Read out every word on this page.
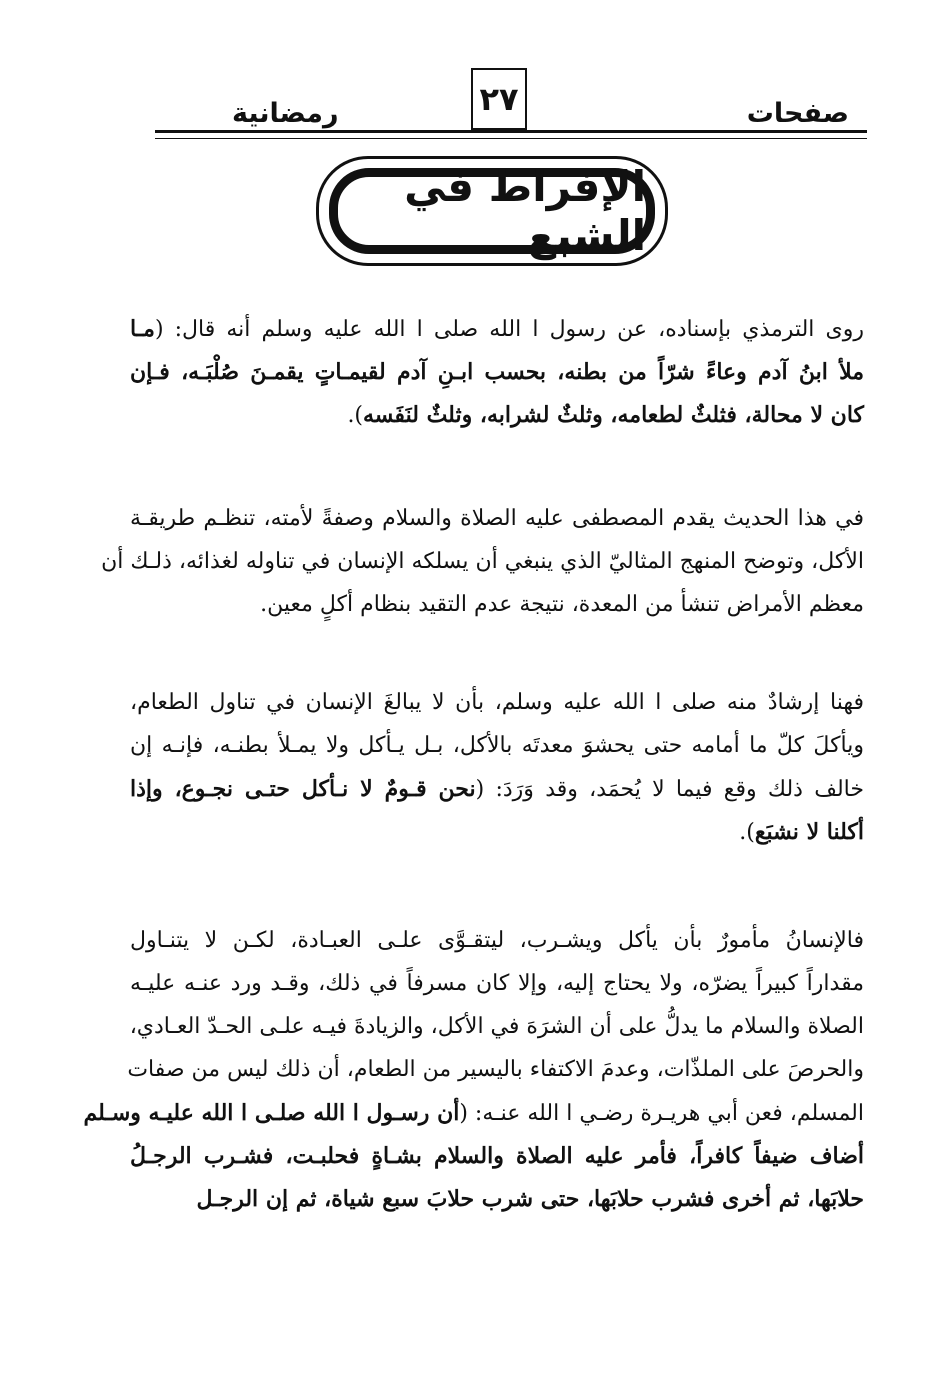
رمضانية	٢٧	صفحات
الإفراط في الشبع
روى الترمذي بإسناده، عن رسول ا الله صلى ا الله عليه وسلم أنه قال: (مـا
ملأ ابنُ آدم وعاءً شرّاً من بطنه، بحسب ابـنِ آدم لقيمـاتٍ يقمـنَ صُلْبَـه، فـإن
كان لا محالة، فثلثٌ لطعامه، وثلثٌ لشرابه، وثلثٌ لنَفَسه).
في هذا الحديث يقدم المصطفى عليه الصلاة والسلام وصفةً لأمته، تنظـم طريقـة
الأكل، وتوضح المنهج المثاليّ الذي ينبغي أن يسلكه الإنسان في تناوله لغذائه، ذلـك أن
معظم الأمراض تنشأ من المعدة، نتيجة عدم التقيد بنظام أكلٍ معين.
فهنا إرشادٌ منه صلى ا الله عليه وسلم، بأن لا يبالغَ الإنسان في تناول الطعام،
ويأكلَ كلّ ما أمامه حتى يحشوَ معدتَه بالأكل، بـل يـأكل ولا يمـلأ بطنـه، فإنـه إن
خالف ذلك وقع فيما لا يُحمَد، وقد وَرَدَ: (نحن قـومٌ لا نـأكل حتـى نجـوع، وإذا
أكلنا لا نشبَع).
فالإنسانُ مأمورٌ بأن يأكل ويشـرب، ليتقـوَّى علـى العبـادة، لكـن لا يتنـاول
مقداراً كبيراً يضرّه، ولا يحتاج إليه، وإلا كان مسرفاً في ذلك، وقـد ورد عنـه عليـه
الصلاة والسلام ما يدلُّ على أن الشرَهَ في الأكل، والزيادةَ فيـه علـى الحـدّ العـادي،
والحرصَ على الملذّات، وعدمَ الاكتفاء باليسير من الطعام، أن ذلك ليس من صفات
المسلم، فعن أبي هريـرة رضـي ا الله عنـه: (أن رسـول ا الله صلـى ا الله عليـه وسـلم
أضاف ضيفاً كافراً، فأمر عليه الصلاة والسلام بشـاةٍ فحلبـت، فشـرب الرجـلُ
حلابَها، ثم أخرى فشرب حلابَها، حتى شرب حلابَ سبع شياة، ثم إن الرجـل
